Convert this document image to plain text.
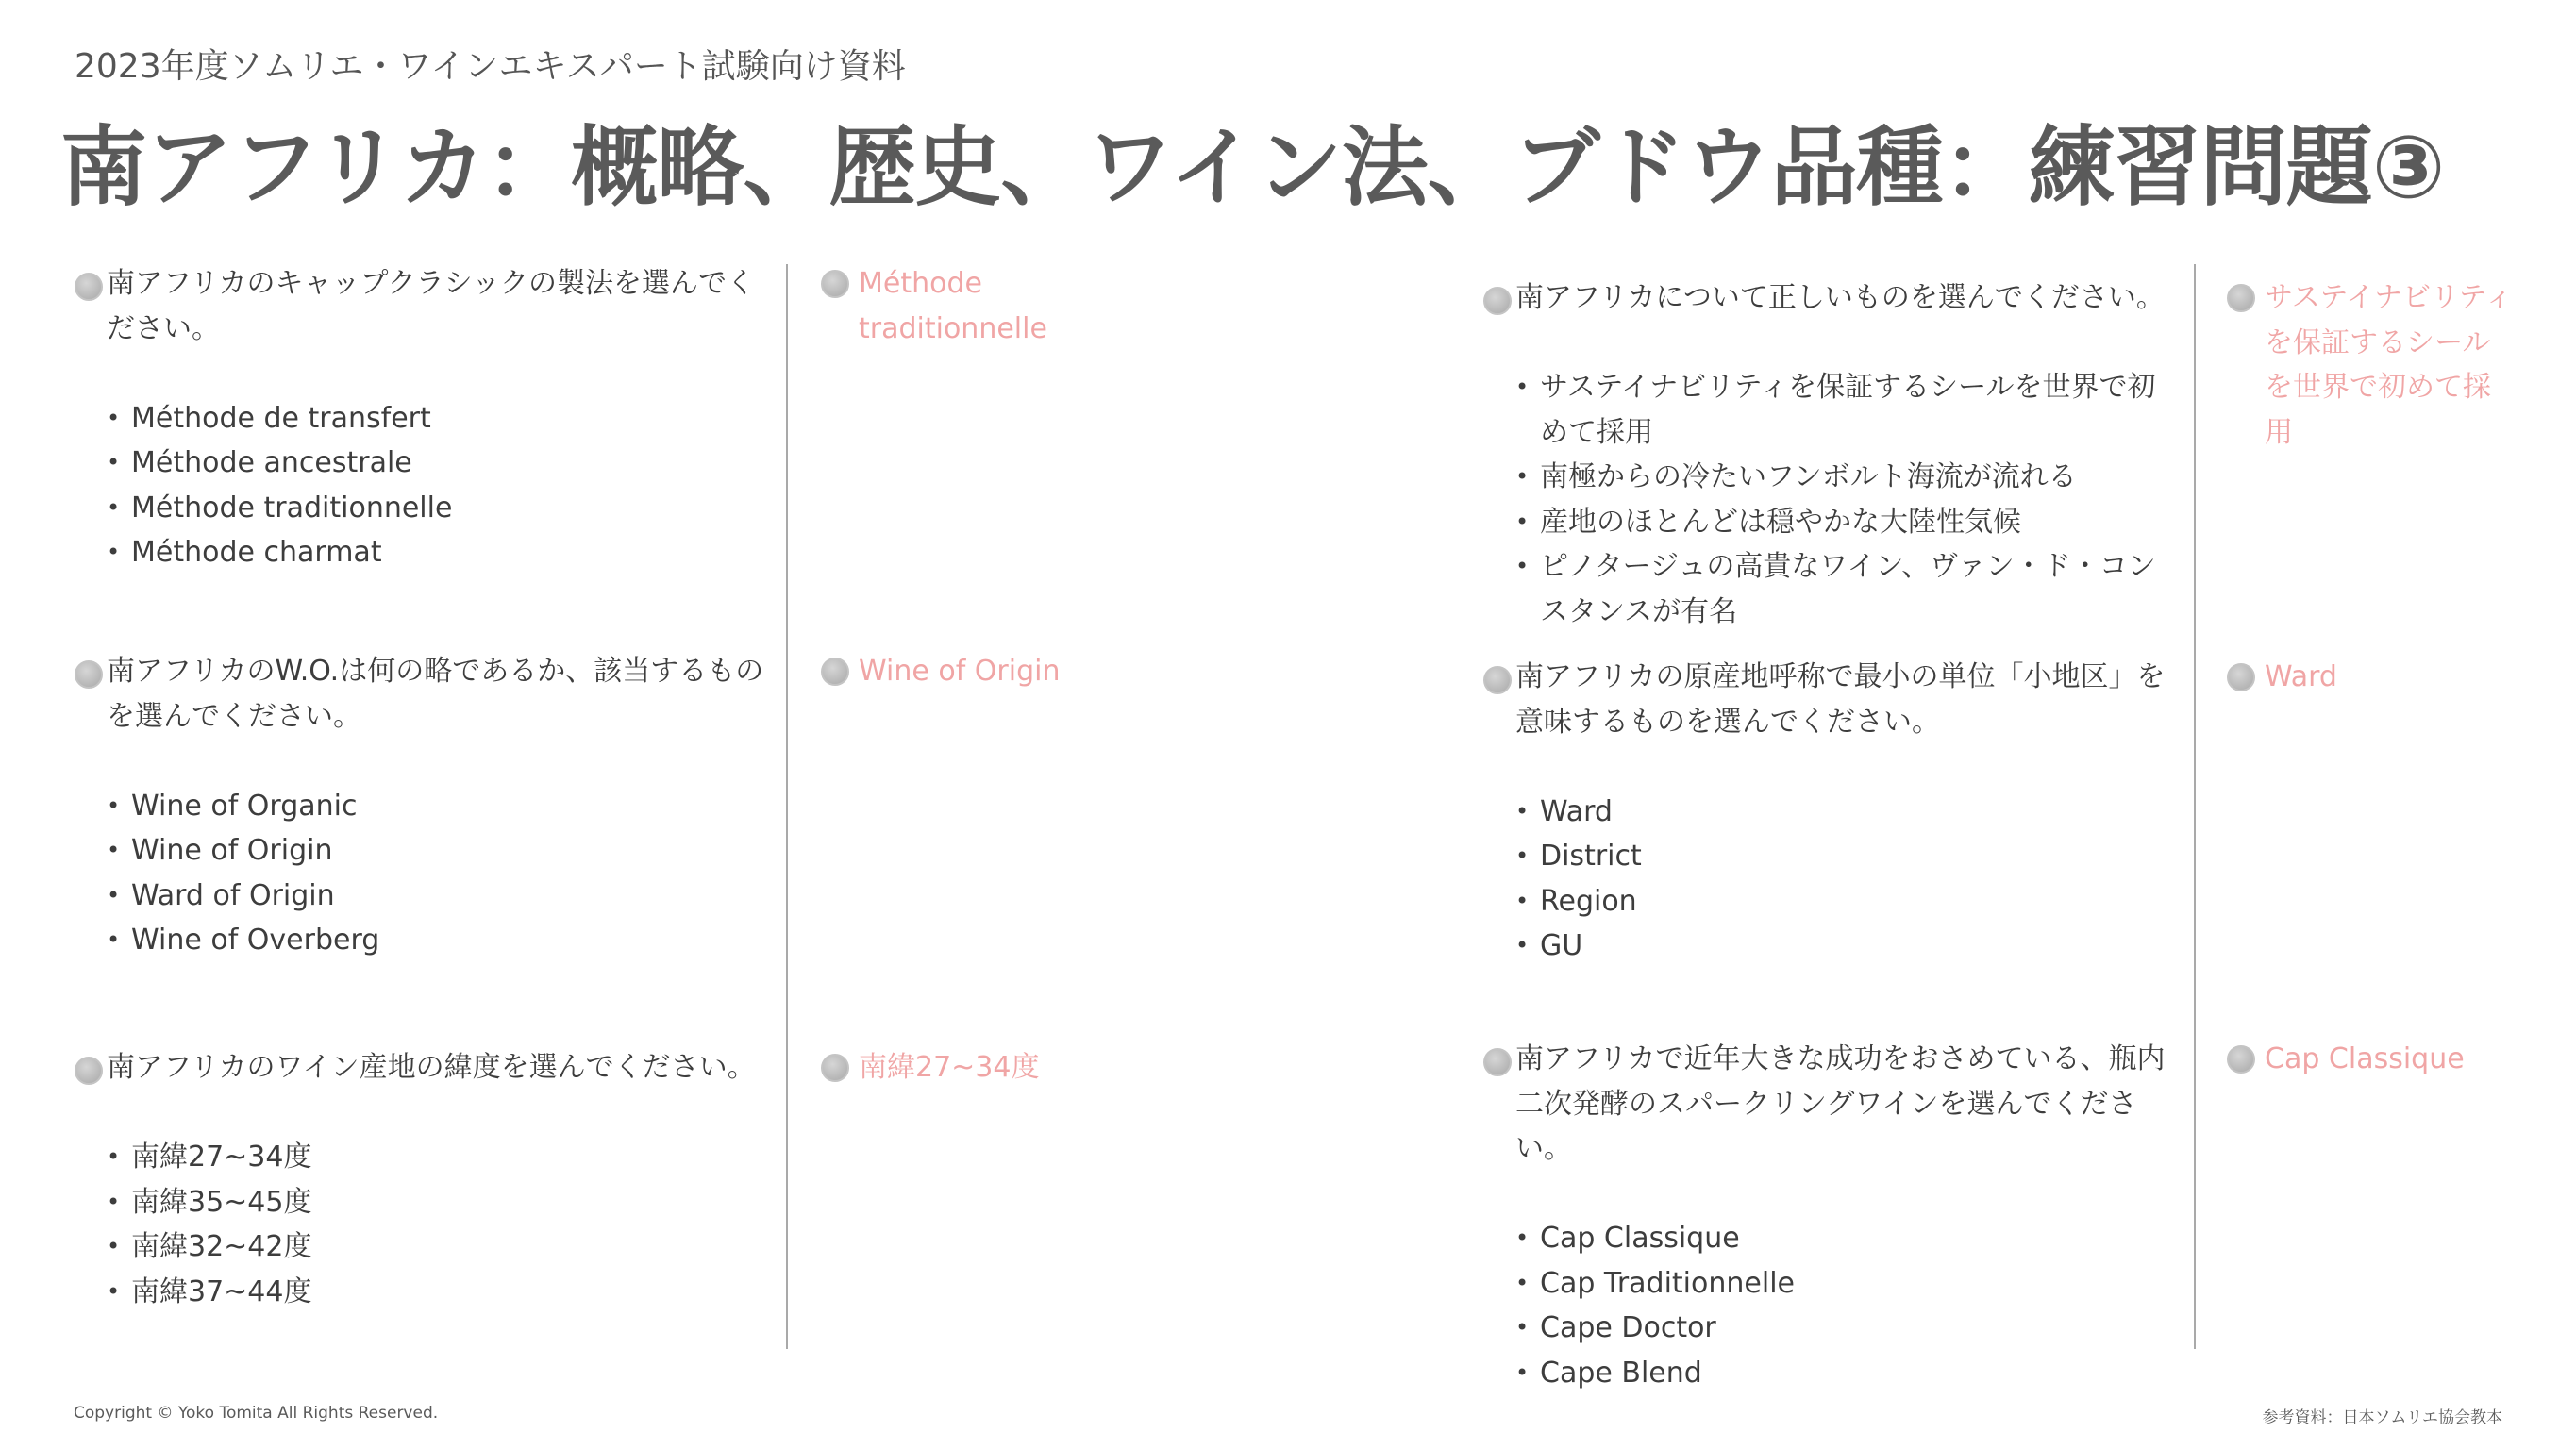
2023年度ソムリエ・ワインエキスパート試験向け資料
南アフリカ：概略、歴史、ワイン法、ブドウ品種：練習問題③
南アフリカのキャップクラシックの製法を選んでください。
• Méthode de transfert
• Méthode ancestrale
• Méthode traditionnelle
• Méthode charmat
Méthode traditionnelle
南アフリカのW.O.は何の略であるか、該当するものを選んでください。
• Wine of Organic
• Wine of Origin
• Ward of Origin
• Wine of Overberg
Wine of Origin
南アフリカのワイン産地の緯度を選んでください。
• 南緯27~34度
• 南緯35~45度
• 南緯32~42度
• 南緯37~44度
南緯27~34度
南アフリカについて正しいものを選んでください。
• サステイナビリティを保証するシールを世界で初めて採用
• 南極からの冷たいフンボルト海流が流れる
• 産地のほとんどは穏やかな大陸性気候
• ピノタージュの高貴なワイン、ヴァン・ド・コンスタンスが有名
サステイナビリティを保証するシールを世界で初めて採用
南アフリカの原産地呼称で最小の単位「小地区」を意味するものを選んでください。
• Ward
• District
• Region
• GU
Ward
南アフリカで近年大きな成功をおさめている、瓶内二次発酵のスパークリングワインを選んでください。
• Cap Classique
• Cap Traditionnelle
• Cape Doctor
• Cape Blend
Cap Classique
Copyright © Yoko Tomita All Rights Reserved.	参考資料：日本ソムリエ協会教本
